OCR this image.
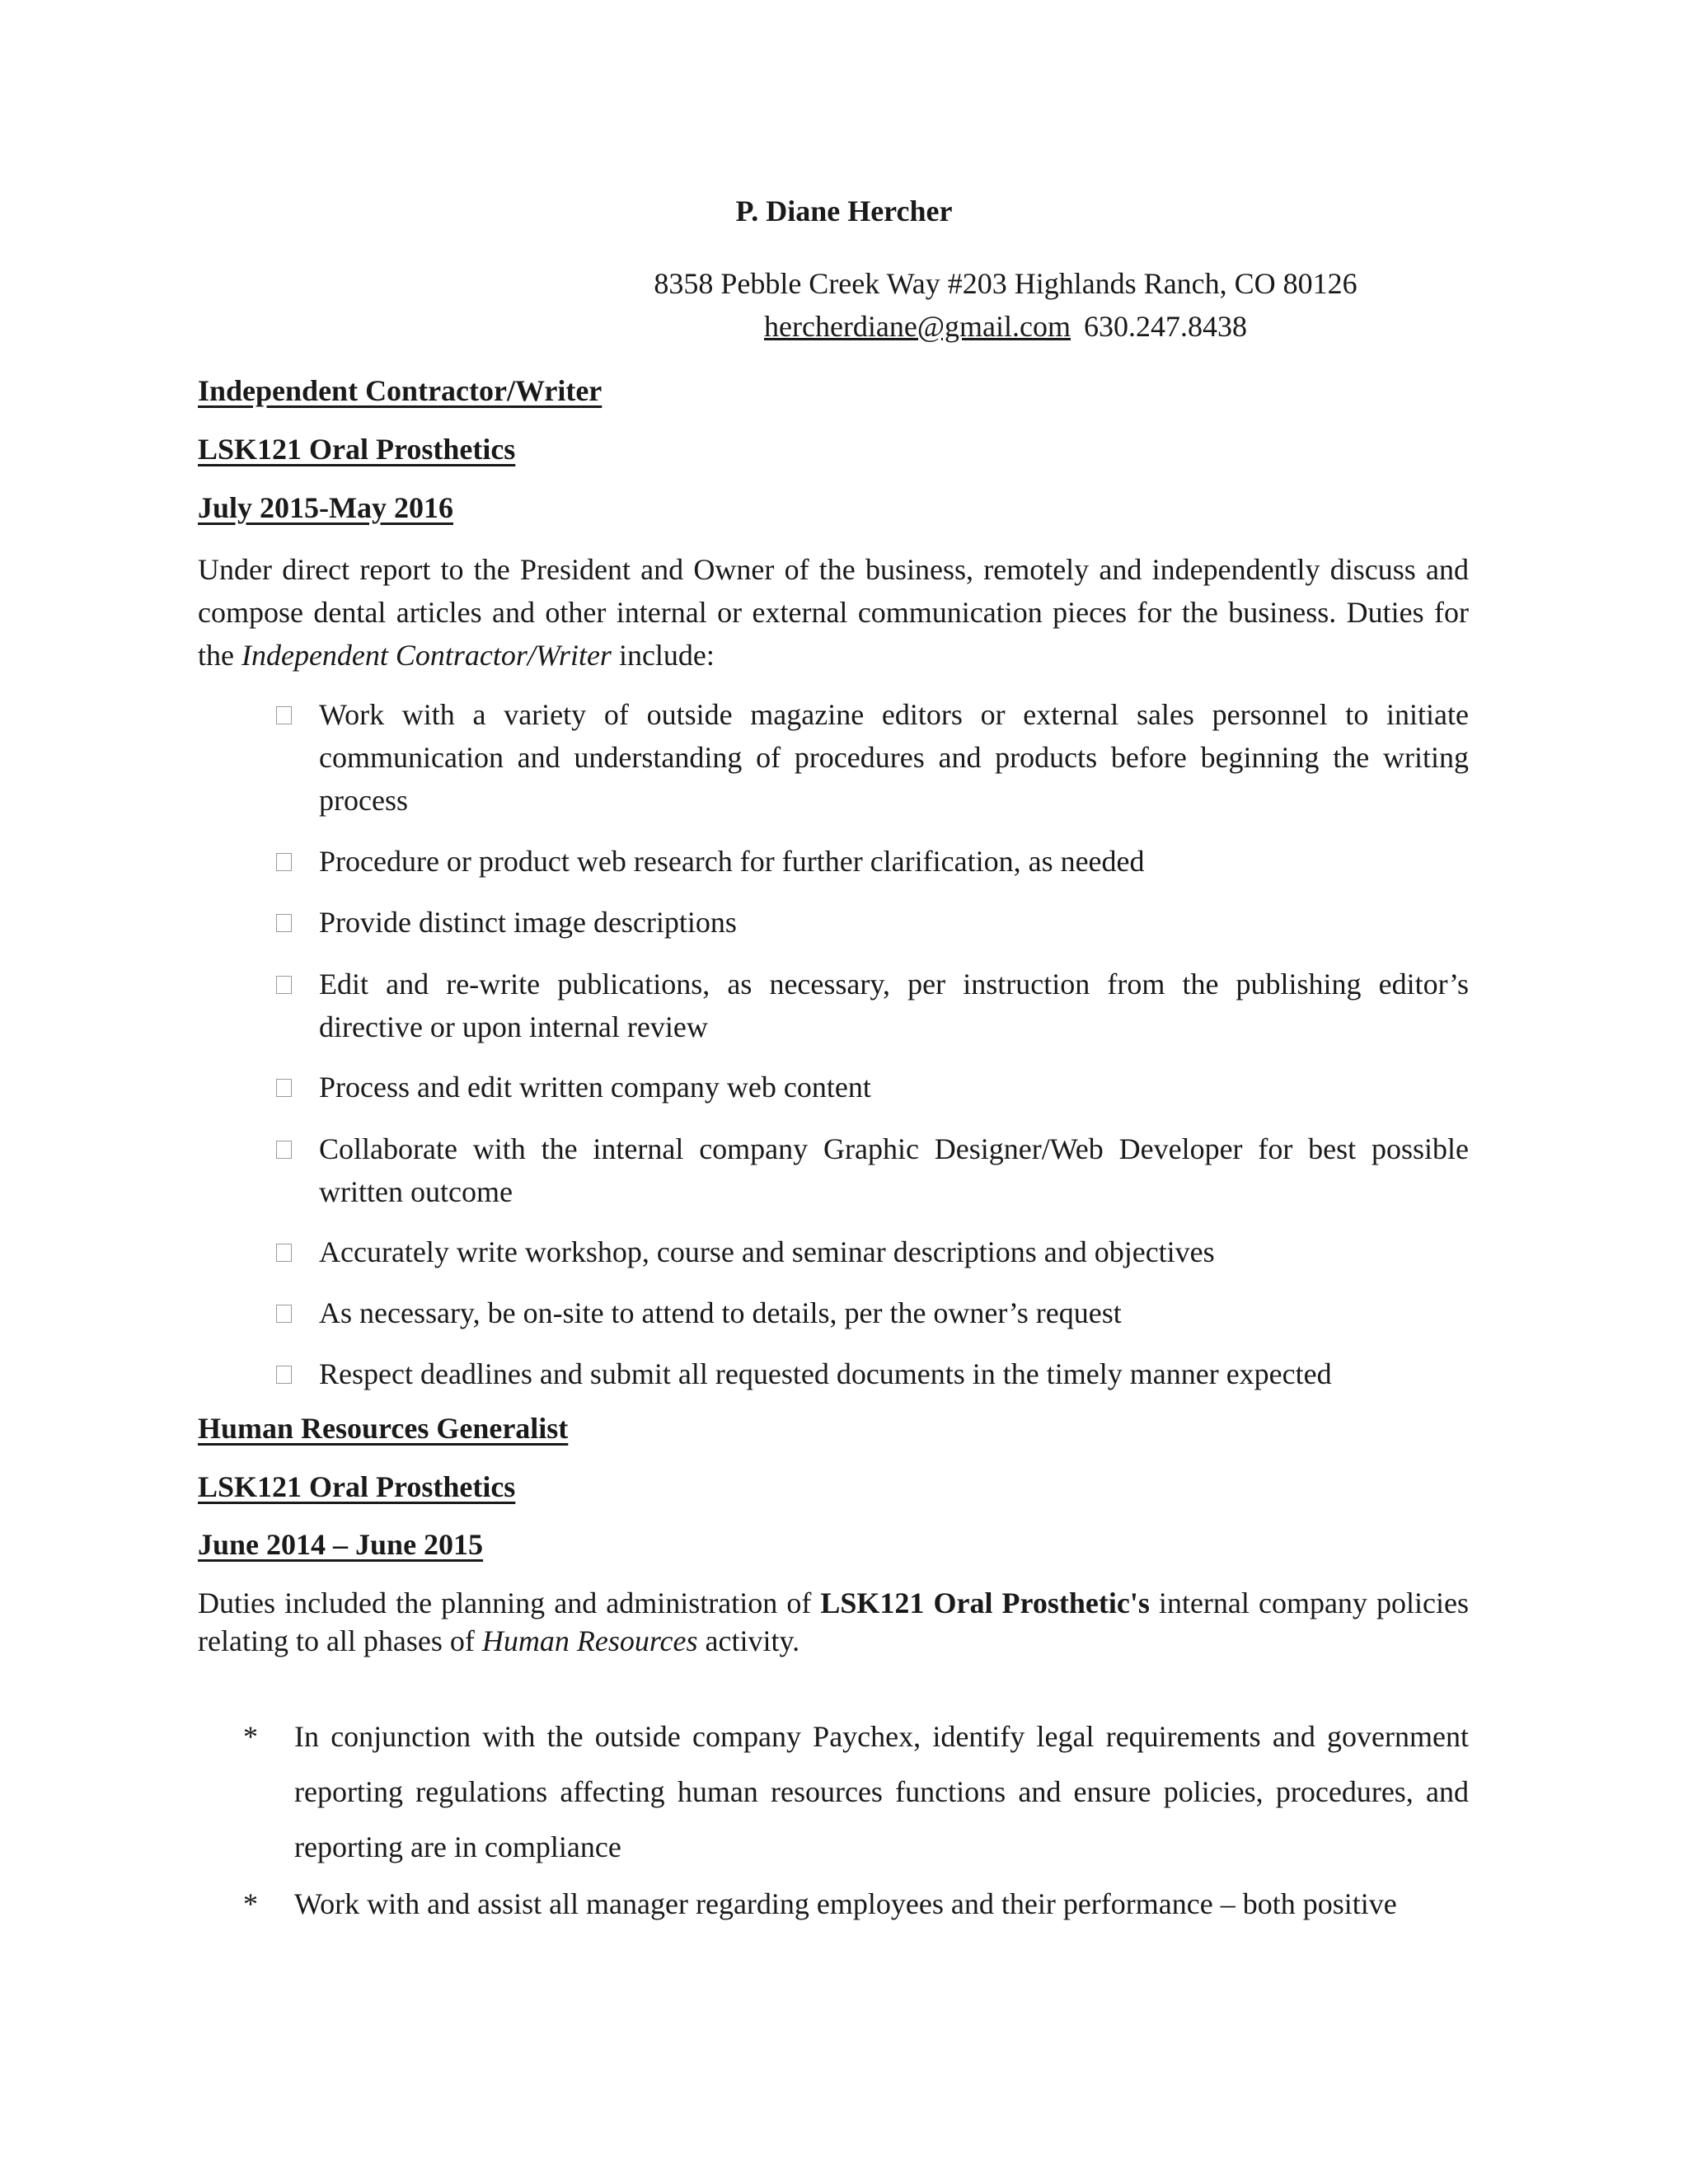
P. Diane Hercher
8358 Pebble Creek Way #203 Highlands Ranch, CO 80126
hercherdiane@gmail.com 630.247.8438
Independent Contractor/Writer
LSK121 Oral Prosthetics
July 2015-May 2016
Under direct report to the President and Owner of the business, remotely and independently discuss and compose dental articles and other internal or external communication pieces for the business. Duties for the Independent Contractor/Writer include:
Work with a variety of outside magazine editors or external sales personnel to initiate communication and understanding of procedures and products before beginning the writing process
Procedure or product web research for further clarification, as needed
Provide distinct image descriptions
Edit and re-write publications, as necessary, per instruction from the publishing editor’s directive or upon internal review
Process and edit written company web content
Collaborate with the internal company Graphic Designer/Web Developer for best possible written outcome
Accurately write workshop, course and seminar descriptions and objectives
As necessary, be on-site to attend to details, per the owner’s request
Respect deadlines and submit all requested documents in the timely manner expected
Human Resources Generalist
LSK121 Oral Prosthetics
June 2014 – June 2015
Duties included the planning and administration of LSK121 Oral Prosthetic's internal company policies relating to all phases of Human Resources activity.
* In conjunction with the outside company Paychex, identify legal requirements and government reporting regulations affecting human resources functions and ensure policies, procedures, and reporting are in compliance
* Work with and assist all manager regarding employees and their performance – both positive
